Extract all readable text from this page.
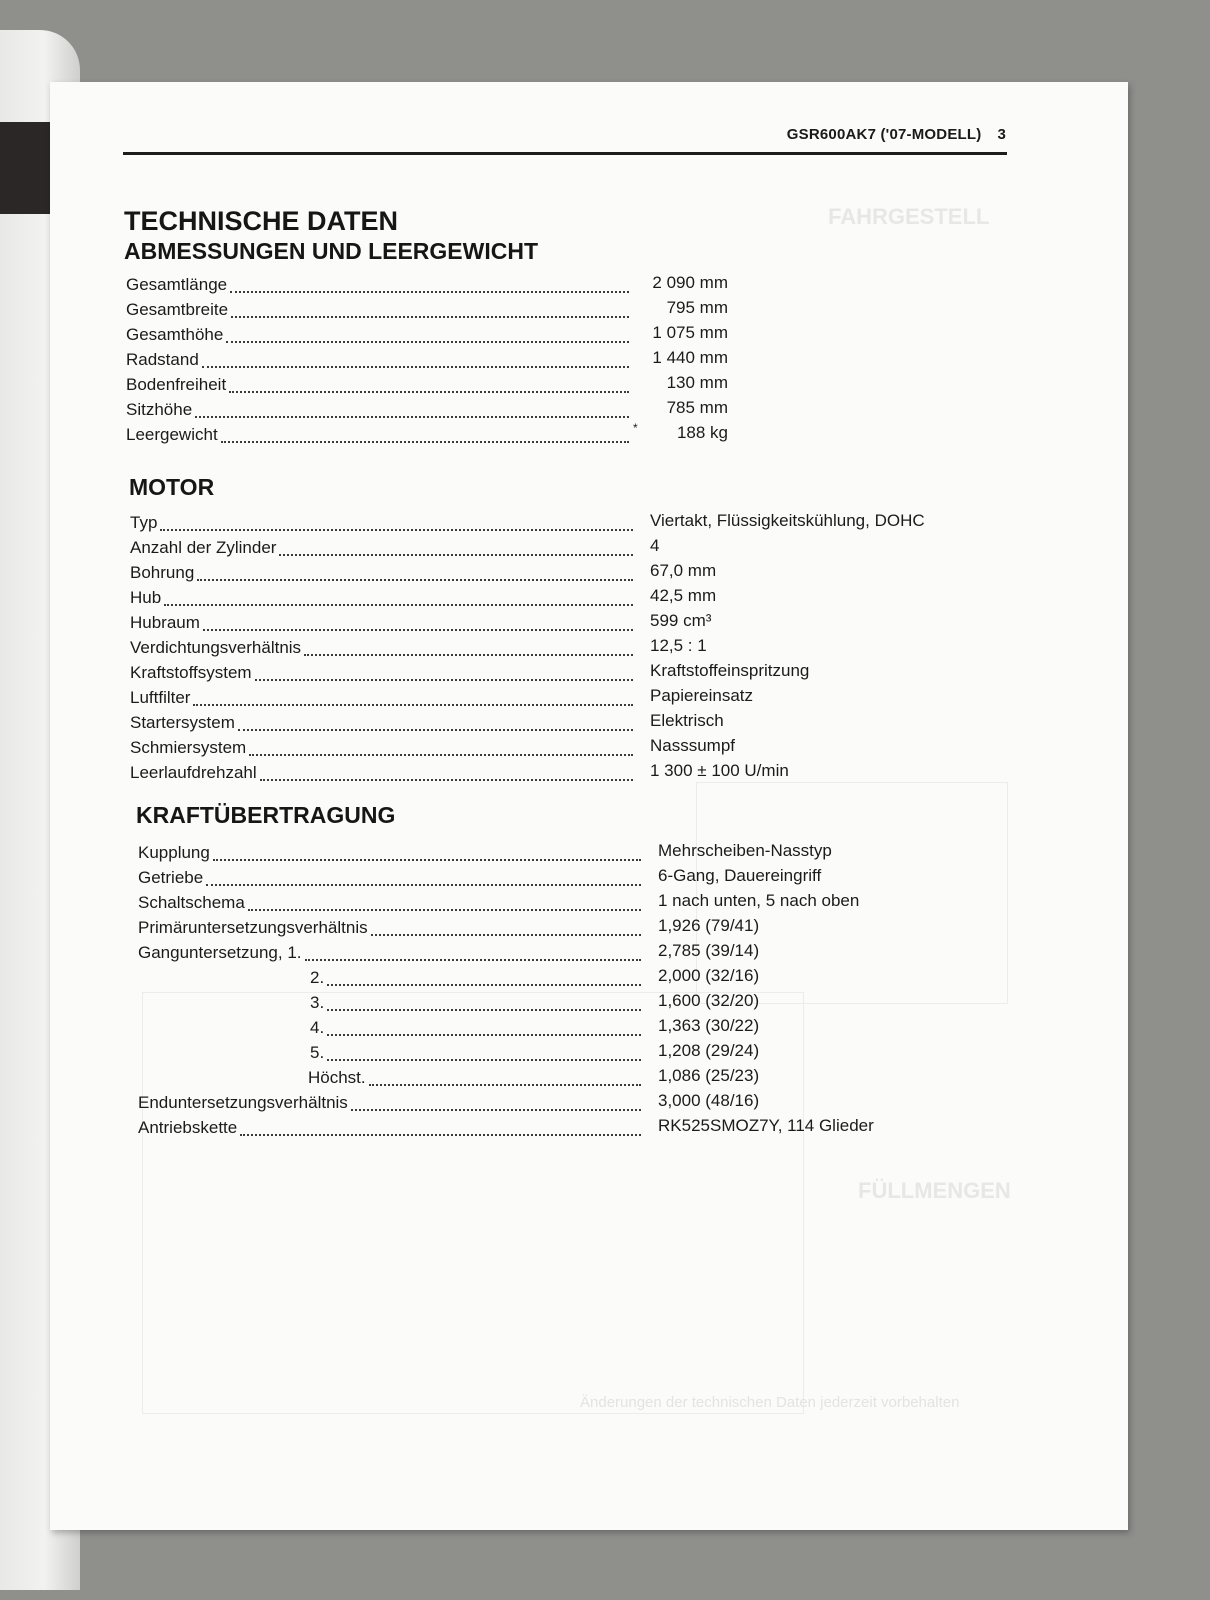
FAHRGESTELL
FÜLLMENGEN
Änderungen der technischen Daten jederzeit vorbehalten
GSR600AK7 ('07-MODELL) 3
TECHNISCHE DATEN
ABMESSUNGEN UND LEERGEWICHT
Gesamtlänge	2 090 mm
Gesamtbreite	795 mm
Gesamthöhe	1 075 mm
Radstand	1 440 mm
Bodenfreiheit	130 mm
Sitzhöhe	785 mm
Leergewicht	* 188 kg
MOTOR
Typ	Viertakt, Flüssigkeitskühlung, DOHC
Anzahl der Zylinder	4
Bohrung	67,0 mm
Hub	42,5 mm
Hubraum	599 cm³
Verdichtungsverhältnis	12,5 : 1
Kraftstoffsystem	Kraftstoffeinspritzung
Luftfilter	Papiereinsatz
Startersystem	Elektrisch
Schmiersystem	Nasssumpf
Leerlaufdrehzahl	1 300 ± 100 U/min
KRAFTÜBERTRAGUNG
Kupplung	Mehrscheiben-Nasstyp
Getriebe	6-Gang, Dauereingriff
Schaltschema	1 nach unten, 5 nach oben
Primäruntersetzungsverhältnis	1,926 (79/41)
Ganguntersetzung, 1.	2,785 (39/14)
2.	2,000 (32/16)
3.	1,600 (32/20)
4.	1,363 (30/22)
5.	1,208 (29/24)
Höchst.	1,086 (25/23)
Enduntersetzungsverhältnis	3,000 (48/16)
Antriebskette	RK525SMOZ7Y, 114 Glieder
